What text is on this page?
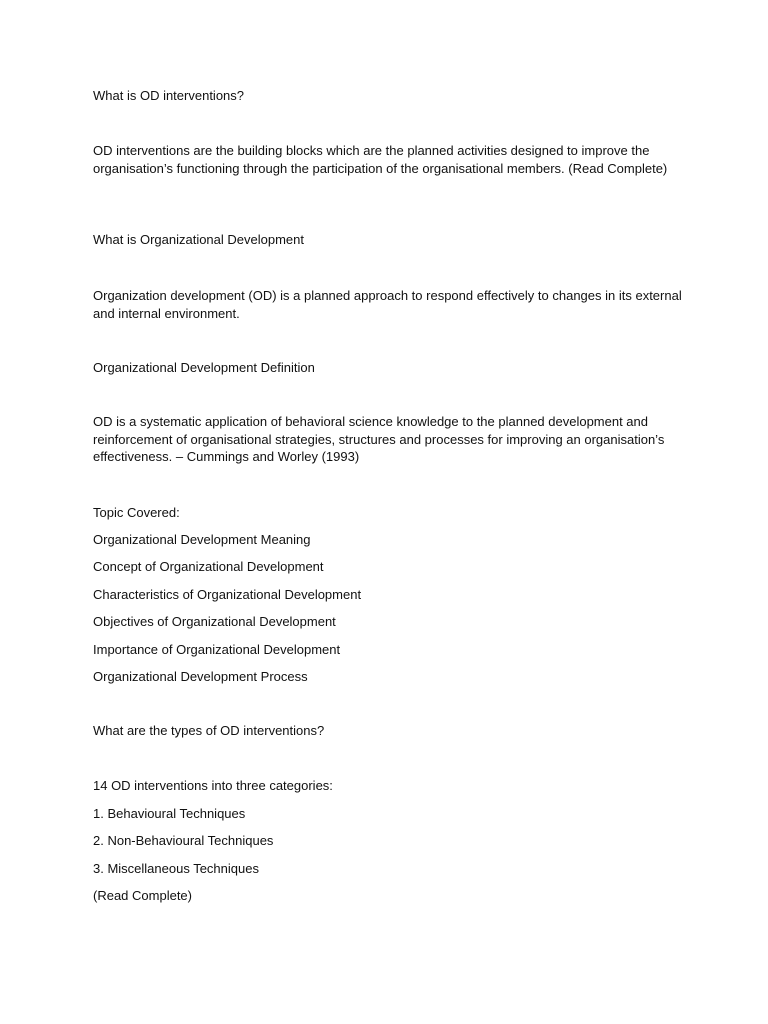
What is OD interventions?

OD interventions are the building blocks which are the planned activities designed to improve the organisation’s functioning through the participation of the organisational members. (Read Complete)

What is Organizational Development

Organization development (OD) is a planned approach to respond effectively to changes in its external and internal environment.

Organizational Development Definition

OD is a systematic application of behavioral science knowledge to the planned development and reinforcement of organisational strategies, structures and processes for improving an organisation’s effectiveness. – Cummings and Worley (1993)

Topic Covered:

Organizational Development Meaning

Concept of Organizational Development

Characteristics of Organizational Development

Objectives of Organizational Development

Importance of Organizational Development

Organizational Development Process

What are the types of OD interventions?

14 OD interventions into three categories:

1. Behavioural Techniques

2. Non-Behavioural Techniques

3. Miscellaneous Techniques

(Read Complete)
